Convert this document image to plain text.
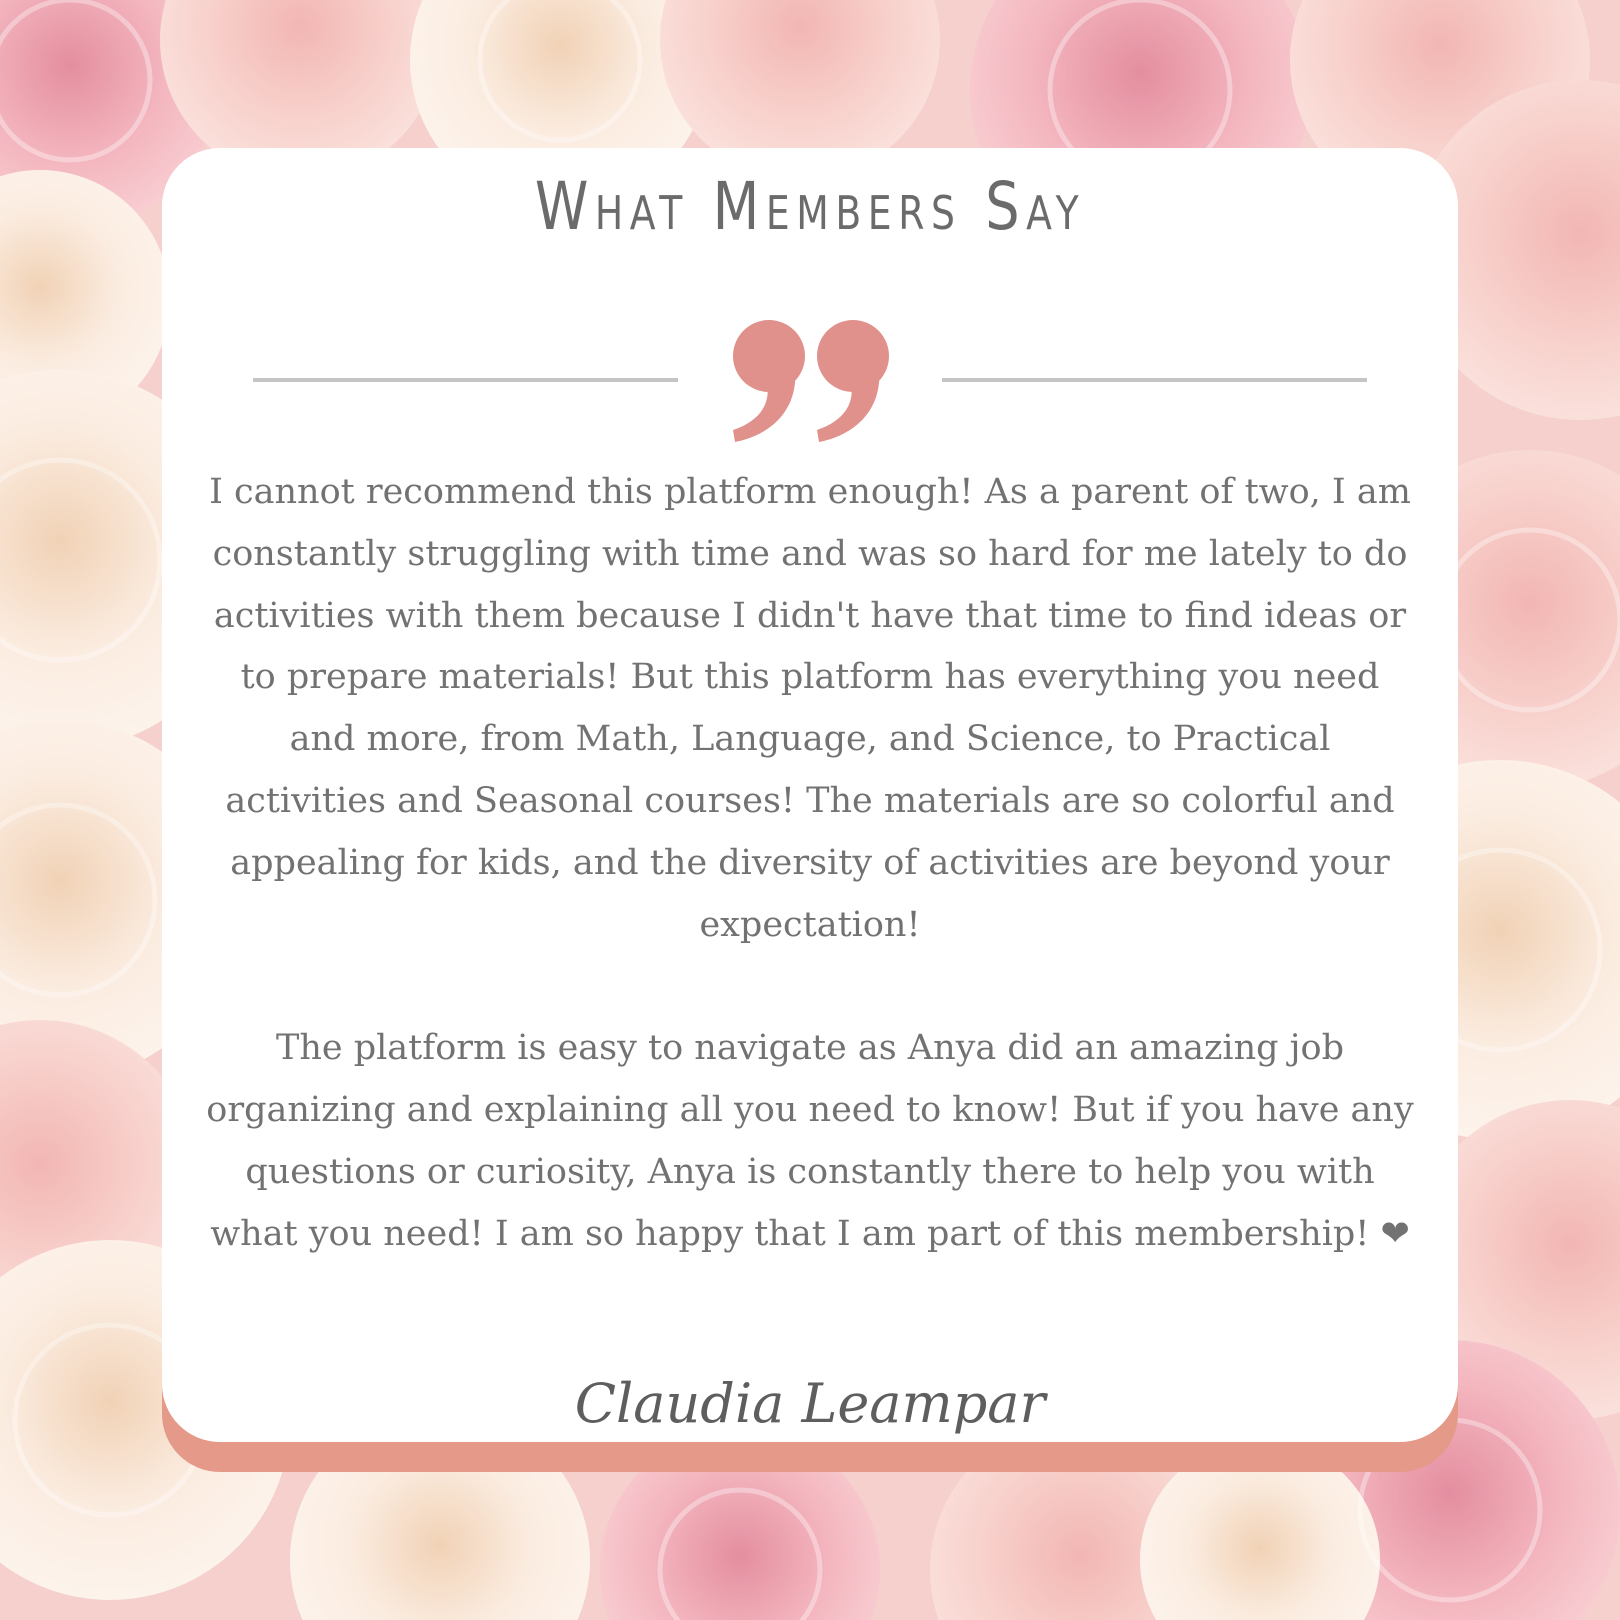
What Members Say

I cannot recommend this platform enough! As a parent of two, I am constantly struggling with time and was so hard for me lately to do activities with them because I didn't have that time to find ideas or to prepare materials! But this platform has everything you need and more, from Math, Language, and Science, to Practical activities and Seasonal courses! The materials are so colorful and appealing for kids, and the diversity of activities are beyond your expectation!

The platform is easy to navigate as Anya did an amazing job organizing and explaining all you need to know! But if you have any questions or curiosity, Anya is constantly there to help you with what you need! I am so happy that I am part of this membership! ❤

Claudia Leampar
